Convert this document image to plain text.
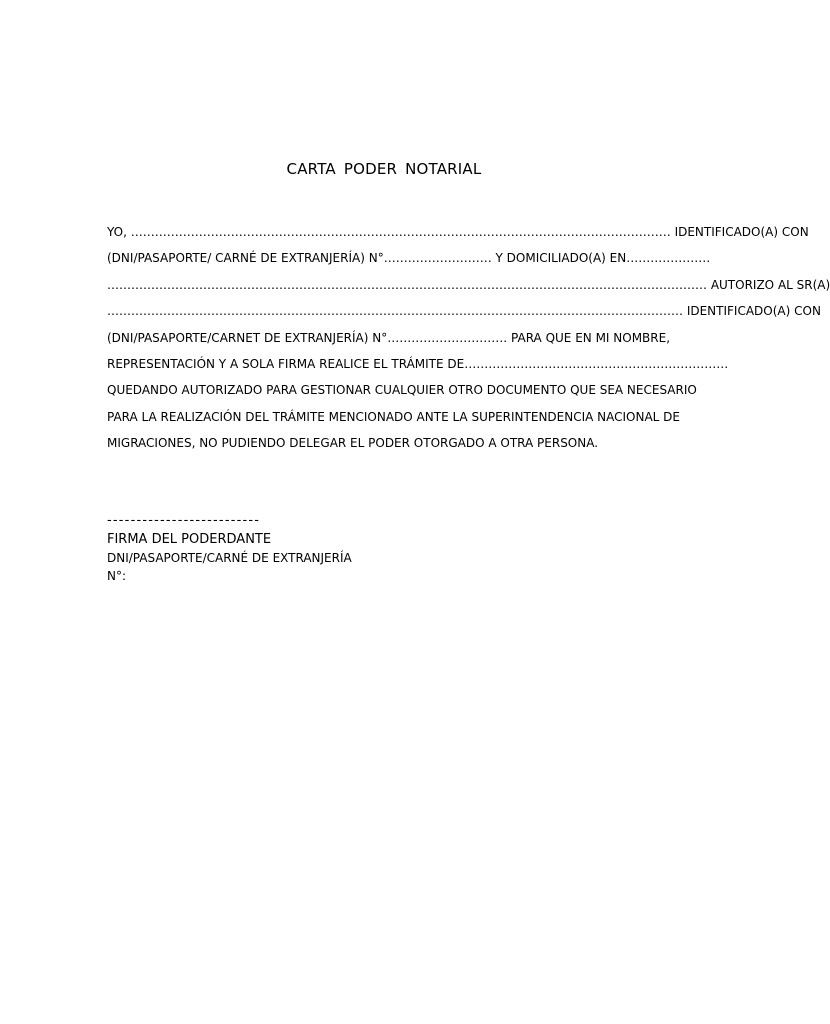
CARTA PODER NOTARIAL
YO, ……………………………………………………………………………………………………………………… IDENTIFICADO(A) CON
(DNI/PASAPORTE/ CARNÉ DE EXTRANJERÍA) N°……………………… Y DOMICILIADO(A) EN…………………
…………………………………………………………………………………………………………………………………… AUTORIZO AL SR(A)
……………………………………………………………………………………………………………………………… IDENTIFICADO(A) CON
(DNI/PASAPORTE/CARNET DE EXTRANJERÍA) N°………………………… PARA QUE EN MI NOMBRE,
REPRESENTACIÓN Y A SOLA FIRMA REALICE EL TRÁMITE DE…………………………………………………………
QUEDANDO AUTORIZADO PARA GESTIONAR CUALQUIER OTRO DOCUMENTO QUE SEA NECESARIO
PARA LA REALIZACIÓN DEL TRÁMITE MENCIONADO ANTE LA SUPERINTENDENCIA NACIONAL DE
MIGRACIONES, NO PUDIENDO DELEGAR EL PODER OTORGADO A OTRA PERSONA.
--------------------------
FIRMA DEL PODERDANTE
DNI/PASAPORTE/CARNÉ DE EXTRANJERÍA
N°:
